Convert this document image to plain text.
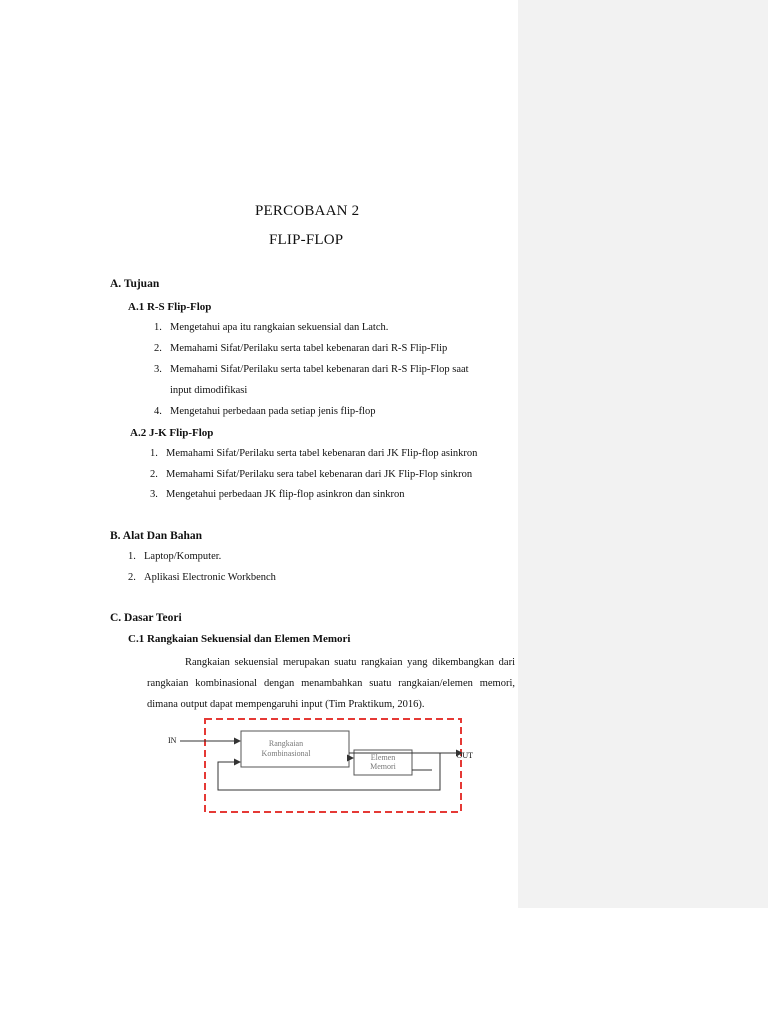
PERCOBAAN 2
FLIP-FLOP
A. Tujuan
A.1 R-S Flip-Flop
1. Mengetahui apa itu rangkaian sekuensial dan Latch.
2. Memahami Sifat/Perilaku serta tabel kebenaran dari R-S Flip-Flip
3. Memahami Sifat/Perilaku serta tabel kebenaran dari R-S Flip-Flop saat
input dimodifikasi
4. Mengetahui perbedaan pada setiap jenis flip-flop
A.2 J-K Flip-Flop
1. Memahami Sifat/Perilaku serta tabel kebenaran dari JK Flip-flop asinkron
2. Memahami Sifat/Perilaku sera tabel kebenaran dari JK Flip-Flop sinkron
3. Mengetahui perbedaan JK flip-flop asinkron dan sinkron
B. Alat Dan Bahan
1. Laptop/Komputer.
2. Aplikasi Electronic Workbench
C. Dasar Teori
C.1 Rangkaian Sekuensial dan Elemen Memori
Rangkaian sekuensial merupakan suatu rangkaian yang dikembangkan dari rangkaian kombinasional dengan menambahkan suatu rangkaian/elemen memori, dimana output dapat mempengaruhi input (Tim Praktikum, 2016).
IN
OUT
Rangkaian
Kombinasional	Elemen
Memori
